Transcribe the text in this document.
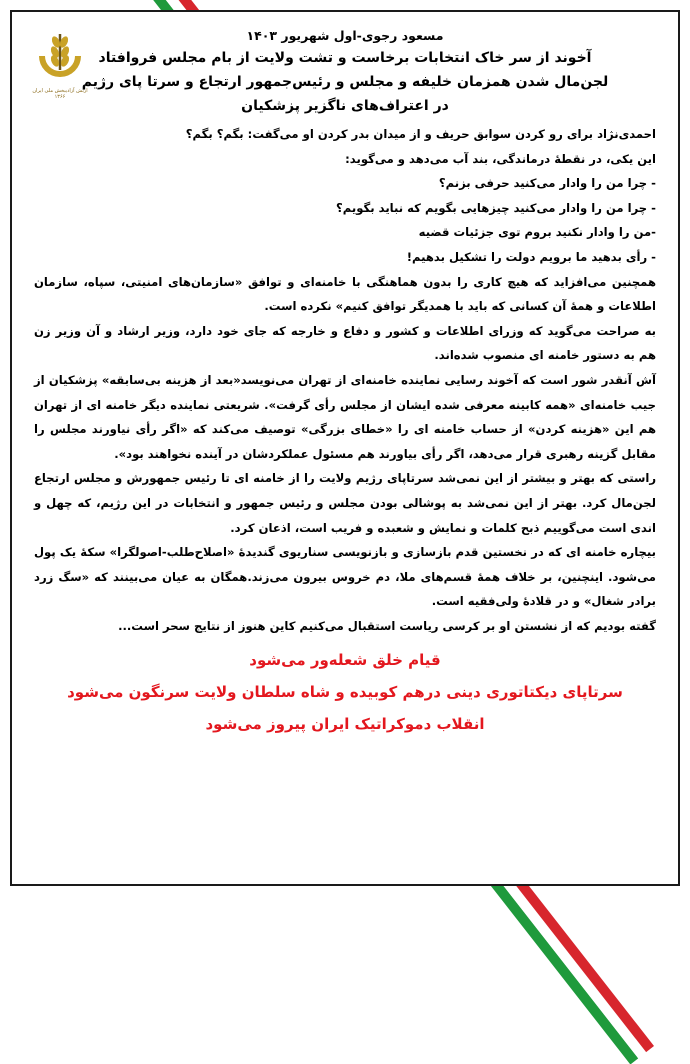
ارتش آزادیبخش ملی ایران
۱۳۶۶
مسعود رجوی-اول شهریور ۱۴۰۳
آخوند از سر خاک انتخابات برخاست و تشت ولایت از بام مجلس فروافتاد
لجن‌مال شدن همزمان خلیفه و مجلس و رئیس‌جمهور ارتجاع و سرتا پای رژیم
در اعتراف‌های ناگزیر پزشکیان
احمدی‌نژاد برای رو کردن سوابق حریف و از میدان بدر کردن او می‌گفت: بگم؟ بگم؟
این یکی، در نقطهٔ درماندگی، بند آب می‌دهد و می‌گوید:
- چرا من را وادار می‌کنید حرفی بزنم؟
- چرا من را وادار می‌کنید چیزهایی بگویم که نباید بگویم؟
-من را وادار نکنید بروم توی جزئیات قضیه
- رأی بدهید ما برویم دولت را تشکیل بدهیم!
همچنین می‌افزاید که هیچ کاری را بدون هماهنگی با خامنه‌ای و توافق «سازمان‌های امنیتی، سپاه، سازمان اطلاعات و همهٔ آن کسانی که باید با همدیگر توافق کنیم» نکرده است.
به صراحت می‌گوید که وزرای اطلاعات و کشور و دفاع و خارجه که جای خود دارد، وزیر ارشاد و آن وزیر زن هم به دستور خامنه ای منصوب شده‌اند.
آش آنقدر شور است که آخوند رسایی نماینده خامنه‌ای از تهران می‌نویسد«بعد از هزینه بی‌سابقه» پزشکیان از جیب خامنه‌ای «همه کابینه معرفی شده ایشان از مجلس رأی گرفت». شریعتی نماینده دیگر خامنه ای از تهران هم این «هزینه کردن» از حساب خامنه ای را «خطای بزرگی» توصیف می‌کند که «اگر رأی نیاورند مجلس را مقابل گزینه رهبری قرار می‌دهد، اگر رأی بیاورند هم مسئول عملکردشان در آینده نخواهند بود».
راستی که بهتر و بیشتر از این نمی‌شد سرتاپای رژیم ولایت را از خامنه ای تا رئیس جمهورش و مجلس ارتجاع لجن‌مال کرد. بهتر از این نمی‌شد به پوشالی بودن مجلس و رئیس جمهور و انتخابات در این رژیم، که چهل و اندی است می‌گوییم ذبح کلمات و نمایش و شعبده و فریب است، اذعان کرد.
بیچاره خامنه ای که در نخستین قدم بازسازی و بازنویسی سناریوی گندیدهٔ «اصلاح‌طلب-اصولگرا» سکهٔ یک پول می‌شود. اینچنین، بر خلاف همهٔ قسم‌های ملا، دم خروس بیرون می‌زند.همگان به عیان می‌بینند که «سگ زرد برادر شغال» و در قلادهٔ ولی‌فقیه است.
گفته بودیم که از نشستن او بر کرسی ریاست استقبال می‌کنیم کاین هنوز از نتایج سحر است...
قیام خلق شعله‌ور می‌شود
سرتاپای دیکتاتوری دینی درهم کوبیده و شاه سلطان ولایت سرنگون می‌شود
انقلاب دموکراتیک ایران پیروز می‌شود
